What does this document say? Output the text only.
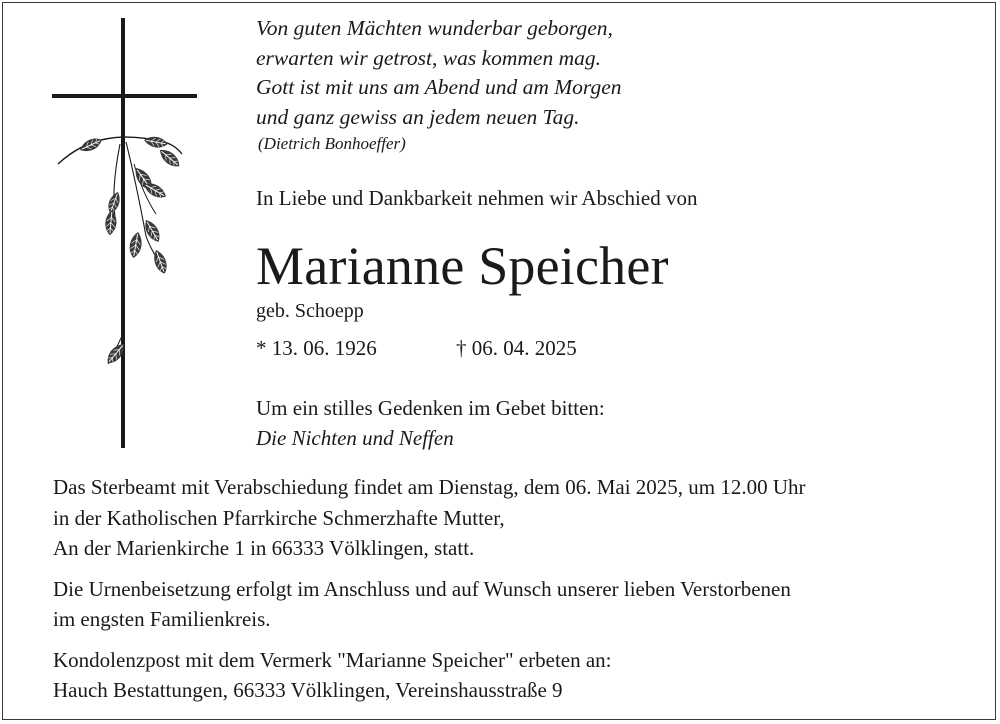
Von guten Mächten wunderbar geborgen,
erwarten wir getrost, was kommen mag.
Gott ist mit uns am Abend und am Morgen
und ganz gewiss an jedem neuen Tag.
(Dietrich Bonhoeffer)
In Liebe und Dankbarkeit nehmen wir Abschied von
Marianne Speicher
geb. Schoepp
* 13. 06. 1926	† 06. 04. 2025
Um ein stilles Gedenken im Gebet bitten:
Die Nichten und Neffen

Das Sterbeamt mit Verabschiedung findet am Dienstag, dem 06. Mai 2025, um 12.00 Uhr
in der Katholischen Pfarrkirche Schmerzhafte Mutter,
An der Marienkirche 1 in 66333 Völklingen, statt.

Die Urnenbeisetzung erfolgt im Anschluss und auf Wunsch unserer lieben Verstorbenen
im engsten Familienkreis.

Kondolenzpost mit dem Vermerk "Marianne Speicher" erbeten an:
Hauch Bestattungen, 66333 Völklingen, Vereinshausstraße 9
